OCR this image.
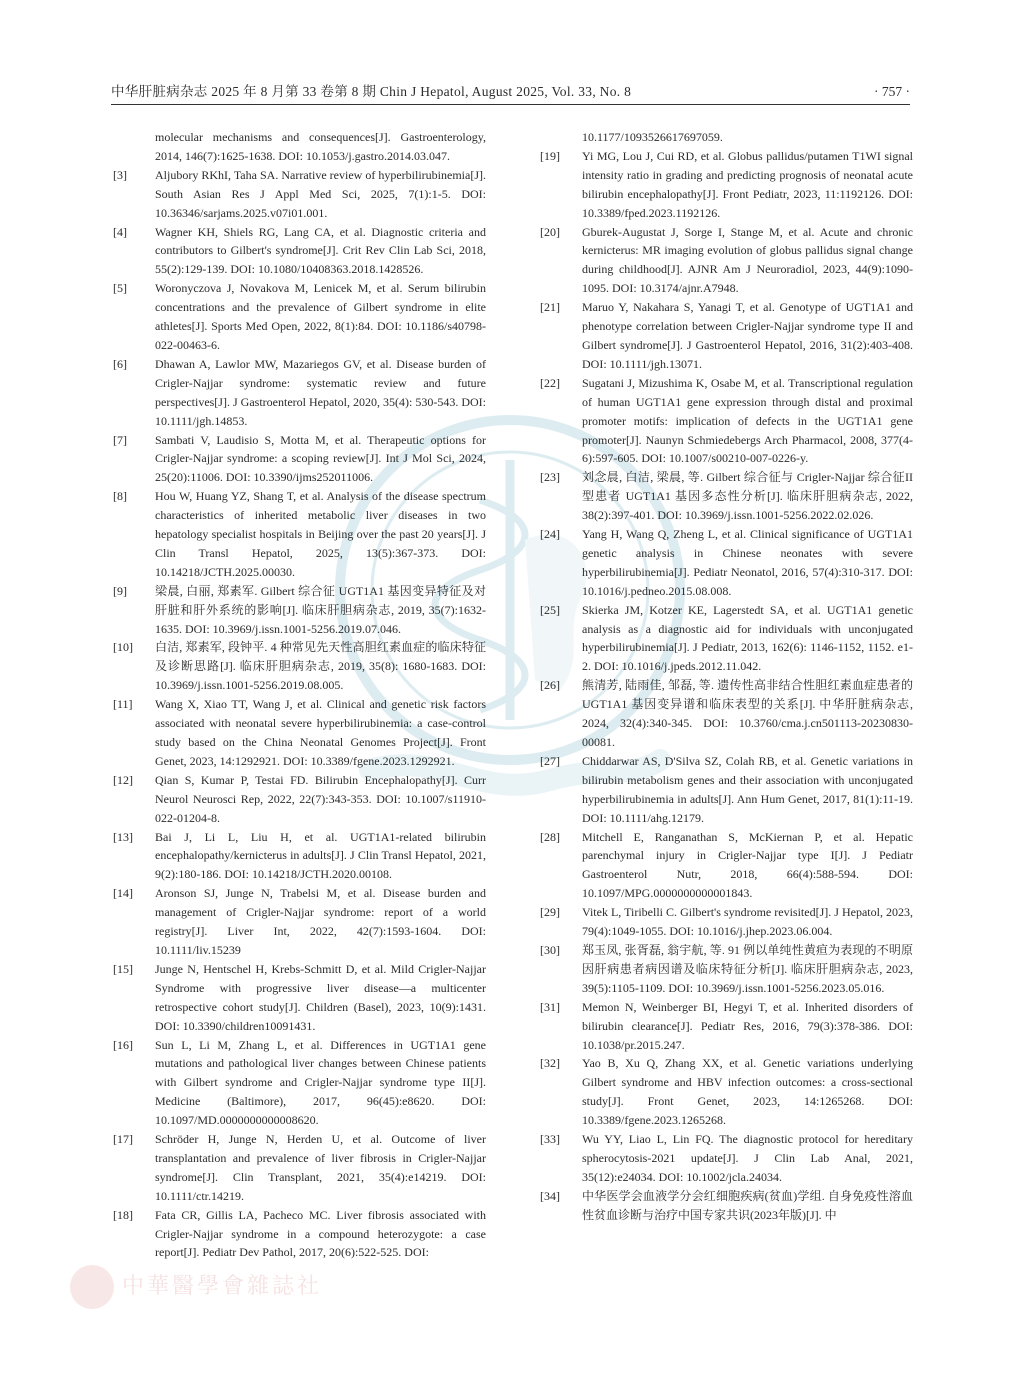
中华肝脏病杂志 2025 年 8 月第 33 卷第 8 期 Chin J Hepatol, August 2025, Vol. 33, No. 8	· 757 ·
molecular mechanisms and consequences[J]. Gastroenterology, 2014, 146(7):1625-1638. DOI: 10.1053/j.gastro.2014.03.047.
[3]	Aljubory RKhI, Taha SA. Narrative review of hyperbilirubinemia[J]. South Asian Res J Appl Med Sci, 2025, 7(1):1-5. DOI: 10.36346/sarjams.2025.v07i01.001.
[4]	Wagner KH, Shiels RG, Lang CA, et al. Diagnostic criteria and contributors to Gilbert's syndrome[J]. Crit Rev Clin Lab Sci, 2018, 55(2):129-139. DOI: 10.1080/10408363.2018.1428526.
[5]	Woronyczova J, Novakova M, Lenicek M, et al. Serum bilirubin concentrations and the prevalence of Gilbert syndrome in elite athletes[J]. Sports Med Open, 2022, 8(1):84. DOI: 10.1186/s40798-022-00463-6.
[6]	Dhawan A, Lawlor MW, Mazariegos GV, et al. Disease burden of Crigler-Najjar syndrome: systematic review and future perspectives[J]. J Gastroenterol Hepatol, 2020, 35(4): 530-543. DOI: 10.1111/jgh.14853.
[7]	Sambati V, Laudisio S, Motta M, et al. Therapeutic options for Crigler-Najjar syndrome: a scoping review[J]. Int J Mol Sci, 2024, 25(20):11006. DOI: 10.3390/ijms252011006.
[8]	Hou W, Huang YZ, Shang T, et al. Analysis of the disease spectrum characteristics of inherited metabolic liver diseases in two hepatology specialist hospitals in Beijing over the past 20 years[J]. J Clin Transl Hepatol, 2025, 13(5):367-373. DOI: 10.14218/JCTH.2025.00030.
[9]	梁晨, 白丽, 郑素军. Gilbert 综合征 UGT1A1 基因变异特征及对肝脏和肝外系统的影响[J]. 临床肝胆病杂志, 2019, 35(7):1632-1635. DOI: 10.3969/j.issn.1001-5256.2019.07.046.
[10]	白洁, 郑素军, 段钟平. 4 种常见先天性高胆红素血症的临床特征及诊断思路[J]. 临床肝胆病杂志, 2019, 35(8): 1680-1683. DOI: 10.3969/j.issn.1001-5256.2019.08.005.
[11]	Wang X, Xiao TT, Wang J, et al. Clinical and genetic risk factors associated with neonatal severe hyperbilirubinemia: a case-control study based on the China Neonatal Genomes Project[J]. Front Genet, 2023, 14:1292921. DOI: 10.3389/fgene.2023.1292921.
[12]	Qian S, Kumar P, Testai FD. Bilirubin Encephalopathy[J]. Curr Neurol Neurosci Rep, 2022, 22(7):343-353. DOI: 10.1007/s11910-022-01204-8.
[13]	Bai J, Li L, Liu H, et al. UGT1A1-related bilirubin encephalopathy/kernicterus in adults[J]. J Clin Transl Hepatol, 2021, 9(2):180-186. DOI: 10.14218/JCTH.2020.00108.
[14]	Aronson SJ, Junge N, Trabelsi M, et al. Disease burden and management of Crigler-Najjar syndrome: report of a world registry[J]. Liver Int, 2022, 42(7):1593-1604. DOI: 10.1111/liv.15239
[15]	Junge N, Hentschel H, Krebs-Schmitt D, et al. Mild Crigler-Najjar Syndrome with progressive liver disease—a multicenter retrospective cohort study[J]. Children (Basel), 2023, 10(9):1431. DOI: 10.3390/children10091431.
[16]	Sun L, Li M, Zhang L, et al. Differences in UGT1A1 gene mutations and pathological liver changes between Chinese patients with Gilbert syndrome and Crigler-Najjar syndrome type II[J]. Medicine (Baltimore), 2017, 96(45):e8620. DOI: 10.1097/MD.0000000000008620.
[17]	Schröder H, Junge N, Herden U, et al. Outcome of liver transplantation and prevalence of liver fibrosis in Crigler-Najjar syndrome[J]. Clin Transplant, 2021, 35(4):e14219. DOI: 10.1111/ctr.14219.
[18]	Fata CR, Gillis LA, Pacheco MC. Liver fibrosis associated with Crigler-Najjar syndrome in a compound heterozygote: a case report[J]. Pediatr Dev Pathol, 2017, 20(6):522-525. DOI:
10.1177/1093526617697059.
[19]	Yi MG, Lou J, Cui RD, et al. Globus pallidus/putamen T1WI signal intensity ratio in grading and predicting prognosis of neonatal acute bilirubin encephalopathy[J]. Front Pediatr, 2023, 11:1192126. DOI: 10.3389/fped.2023.1192126.
[20]	Gburek-Augustat J, Sorge I, Stange M, et al. Acute and chronic kernicterus: MR imaging evolution of globus pallidus signal change during childhood[J]. AJNR Am J Neuroradiol, 2023, 44(9):1090-1095. DOI: 10.3174/ajnr.A7948.
[21]	Maruo Y, Nakahara S, Yanagi T, et al. Genotype of UGT1A1 and phenotype correlation between Crigler-Najjar syndrome type II and Gilbert syndrome[J]. J Gastroenterol Hepatol, 2016, 31(2):403-408. DOI: 10.1111/jgh.13071.
[22]	Sugatani J, Mizushima K, Osabe M, et al. Transcriptional regulation of human UGT1A1 gene expression through distal and proximal promoter motifs: implication of defects in the UGT1A1 gene promoter[J]. Naunyn Schmiedebergs Arch Pharmacol, 2008, 377(4-6):597-605. DOI: 10.1007/s00210-007-0226-y.
[23]	刘念晨, 白洁, 梁晨, 等. Gilbert 综合征与 Crigler-Najjar 综合征II型患者 UGT1A1 基因多态性分析[J]. 临床肝胆病杂志, 2022, 38(2):397-401. DOI: 10.3969/j.issn.1001-5256.2022.02.026.
[24]	Yang H, Wang Q, Zheng L, et al. Clinical significance of UGT1A1 genetic analysis in Chinese neonates with severe hyperbilirubinemia[J]. Pediatr Neonatol, 2016, 57(4):310-317. DOI: 10.1016/j.pedneo.2015.08.008.
[25]	Skierka JM, Kotzer KE, Lagerstedt SA, et al. UGT1A1 genetic analysis as a diagnostic aid for individuals with unconjugated hyperbilirubinemia[J]. J Pediatr, 2013, 162(6): 1146-1152, 1152. e1-2. DOI: 10.1016/j.jpeds.2012.11.042.
[26]	熊清芳, 陆雨佳, 邹磊, 等. 遗传性高非结合性胆红素血症患者的 UGT1A1 基因变异谱和临床表型的关系[J]. 中华肝脏病杂志, 2024, 32(4):340-345. DOI: 10.3760/cma.j.cn501113-20230830-00081.
[27]	Chiddarwar AS, D'Silva SZ, Colah RB, et al. Genetic variations in bilirubin metabolism genes and their association with unconjugated hyperbilirubinemia in adults[J]. Ann Hum Genet, 2017, 81(1):11-19. DOI: 10.1111/ahg.12179.
[28]	Mitchell E, Ranganathan S, McKiernan P, et al. Hepatic parenchymal injury in Crigler-Najjar type I[J]. J Pediatr Gastroenterol Nutr, 2018, 66(4):588-594. DOI: 10.1097/MPG.0000000000001843.
[29]	Vitek L, Tiribelli C. Gilbert's syndrome revisited[J]. J Hepatol, 2023, 79(4):1049-1055. DOI: 10.1016/j.jhep.2023.06.004.
[30]	郑玉凤, 张胥磊, 翁宇航, 等. 91 例以单纯性黄疸为表现的不明原因肝病患者病因谱及临床特征分析[J]. 临床肝胆病杂志, 2023, 39(5):1105-1109. DOI: 10.3969/j.issn.1001-5256.2023.05.016.
[31]	Memon N, Weinberger BI, Hegyi T, et al. Inherited disorders of bilirubin clearance[J]. Pediatr Res, 2016, 79(3):378-386. DOI: 10.1038/pr.2015.247.
[32]	Yao B, Xu Q, Zhang XX, et al. Genetic variations underlying Gilbert syndrome and HBV infection outcomes: a cross-sectional study[J]. Front Genet, 2023, 14:1265268. DOI: 10.3389/fgene.2023.1265268.
[33]	Wu YY, Liao L, Lin FQ. The diagnostic protocol for hereditary spherocytosis-2021 update[J]. J Clin Lab Anal, 2021, 35(12):e24034. DOI: 10.1002/jcla.24034.
[34]	中华医学会血液学分会红细胞疾病(贫血)学组. 自身免疫性溶血性贫血诊断与治疗中国专家共识(2023年版)[J]. 中
中華醫學會雜誌社
